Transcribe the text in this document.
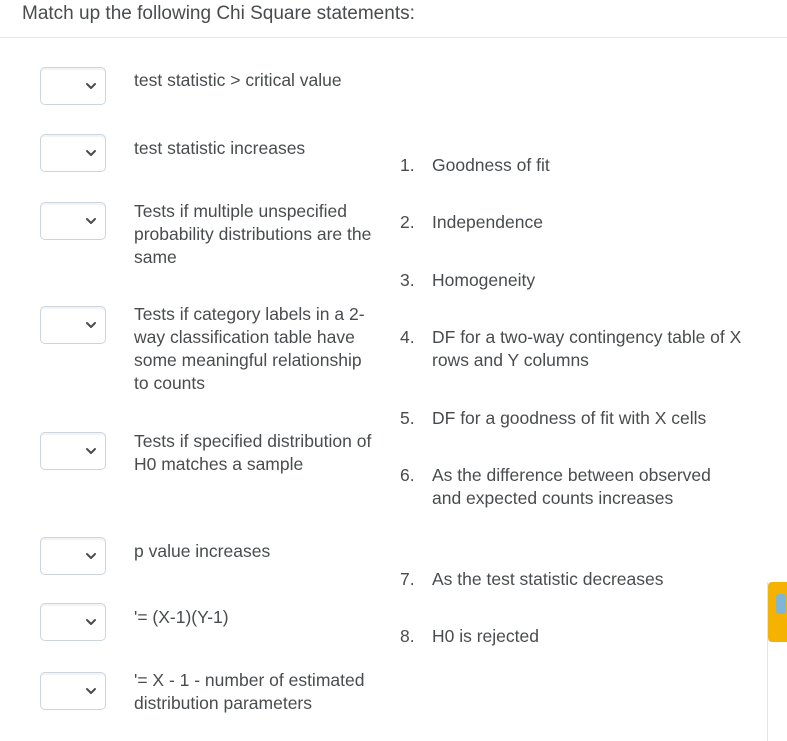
Match up the following Chi Square statements:
test statistic > critical value
test statistic increases
Tests if multiple unspecified probability distributions are the same
Tests if category labels in a 2-way classification table have some meaningful relationship to counts
Tests if specified distribution of H0 matches a sample
p value increases
'= (X-1)(Y-1)
'= X - 1 - number of estimated distribution parameters
1. Goodness of fit
2. Independence
3. Homogeneity
4. DF for a two-way contingency table of X rows and Y columns
5. DF for a goodness of fit with X cells
6. As the difference between observed and expected counts increases
7. As the test statistic decreases
8. H0 is rejected
